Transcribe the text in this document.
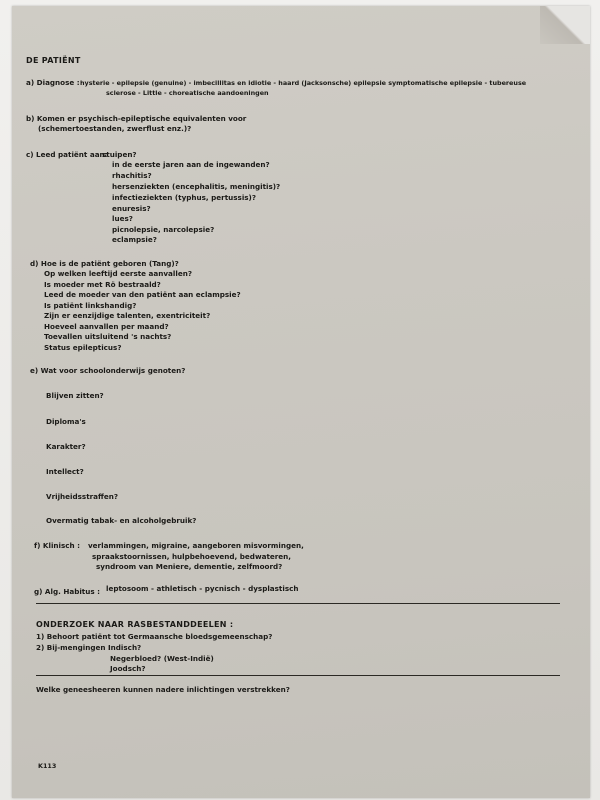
DE PATIËNT

a) Diagnose : hysterie - epilepsie (genuine) - imbecillitas en idiotie - haard (Jacksonsche) epilepsie symptomatische epilepsie - tubereuse

sclerose - Little - choreatische aandoeningen

b) Komen er psychisch-epileptische equivalenten voor

(schemertoestanden, zwerflust enz.)?

c) Leed patiënt aan:

stuipen?

in de eerste jaren aan de ingewanden?

rhachitis?

hersenziekten (encephalitis, meningitis)?

infectieziekten (typhus, pertussis)?

enuresis?

lues?

picnolepsie, narcolepsie?

eclampsie?

d) Hoe is de patiënt geboren (Tang)?

Op welken leeftijd eerste aanvallen?

Is moeder met Rö bestraald?

Leed de moeder van den patiënt aan eclampsie?

Is patiënt linkshandig?

Zijn er eenzijdige talenten, exentriciteit?

Hoeveel aanvallen per maand?

Toevallen uitsluitend 's nachts?

Status epilepticus?

e) Wat voor schoolonderwijs genoten?

Blijven zitten?

Diploma's

Karakter?

Intellect?

Vrijheidsstraffen?

Overmatig tabak- en alcoholgebruik?

f) Klinisch : verlammingen, migraine, aangeboren misvormingen,

spraakstoornissen, hulpbehoevend, bedwateren,

syndroom van Meniere, dementie, zelfmoord?

g) Alg. Habitus : leptosoom - athletisch - pycnisch - dysplastisch

ONDERZOEK NAAR RASBESTANDDEELEN :

1) Behoort patiënt tot Germaansche bloedsgemeenschap?

2) Bij-mengingen :

Indisch?

Negerbloed? (West-Indië)

Joodsch?

Welke geneesheeren kunnen nadere inlichtingen verstrekken?

K113
